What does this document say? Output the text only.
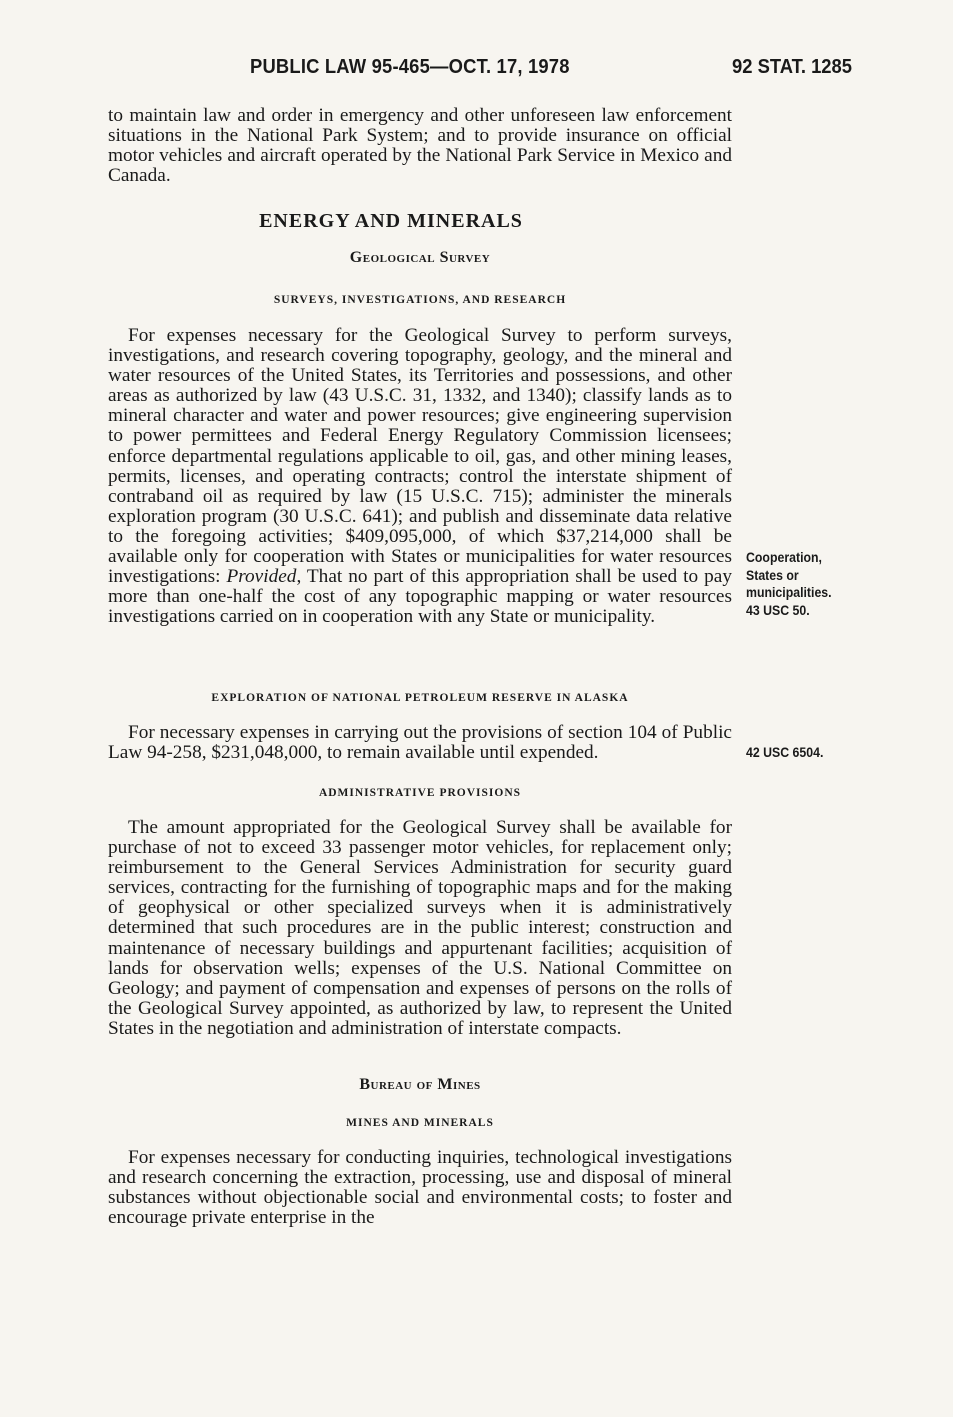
PUBLIC LAW 95-465—OCT. 17, 1978	92 STAT. 1285

to maintain law and order in emergency and other unforeseen law enforcement situations in the National Park System; and to provide insurance on official motor vehicles and aircraft operated by the National Park Service in Mexico and Canada.

ENERGY AND MINERALS
Geological Survey
SURVEYS, INVESTIGATIONS, AND RESEARCH

For expenses necessary for the Geological Survey to perform surveys, investigations, and research covering topography, geology, and the mineral and water resources of the United States, its Territories and possessions, and other areas as authorized by law (43 U.S.C. 31, 1332, and 1340); classify lands as to mineral character and water and power resources; give engineering supervision to power permittees and Federal Energy Regulatory Commission licensees; enforce departmental regulations applicable to oil, gas, and other mining leases, permits, licenses, and operating contracts; control the interstate shipment of contraband oil as required by law (15 U.S.C. 715); administer the minerals exploration program (30 U.S.C. 641); and publish and disseminate data relative to the foregoing activities; $409,095,000, of which $37,214,000 shall be available only for cooperation with States or municipalities for water resources investigations: Provided, That no part of this appropriation shall be used to pay more than one-half the cost of any topographic mapping or water resources investigations carried on in cooperation with any State or municipality.

Cooperation,
States or
municipalities.
43 USC 50.
EXPLORATION OF NATIONAL PETROLEUM RESERVE IN ALASKA

For necessary expenses in carrying out the provisions of section 104 of Public Law 94-258, $231,048,000, to remain available until expended.	42 USC 6504.
ADMINISTRATIVE PROVISIONS

The amount appropriated for the Geological Survey shall be available for purchase of not to exceed 33 passenger motor vehicles, for replacement only; reimbursement to the General Services Administration for security guard services, contracting for the furnishing of topographic maps and for the making of geophysical or other specialized surveys when it is administratively determined that such procedures are in the public interest; construction and maintenance of necessary buildings and appurtenant facilities; acquisition of lands for observation wells; expenses of the U.S. National Committee on Geology; and payment of compensation and expenses of persons on the rolls of the Geological Survey appointed, as authorized by law, to represent the United States in the negotiation and administration of interstate compacts.

Bureau of Mines
MINES AND MINERALS

For expenses necessary for conducting inquiries, technological investigations and research concerning the extraction, processing, use and disposal of mineral substances without objectionable social and environmental costs; to foster and encourage private enterprise in the
